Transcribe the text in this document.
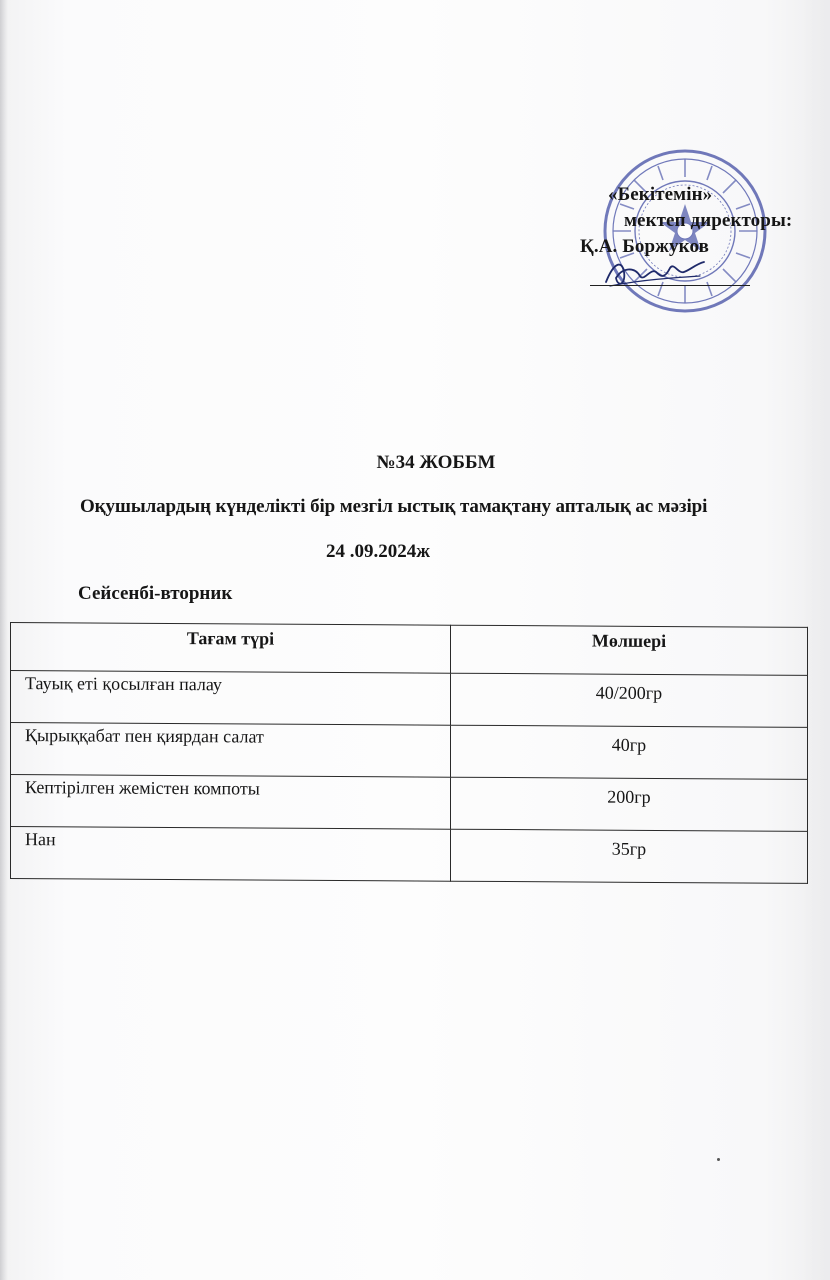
«Бекітемін»
мектеп директоры:
Қ.А. Боржуков
№34 ЖОББМ
Оқушылардың күнделікті бір мезгіл ыстық тамақтану апталық ас мәзірі
24 .09.2024ж
Сейсенбі-вторник
Тағам түрі	Мөлшері
Тауық еті қосылған палау	40/200гр
Қырыққабат пен қиярдан салат	40гр
Кептірілген жемістен компоты	200гр
Нан	35гр
